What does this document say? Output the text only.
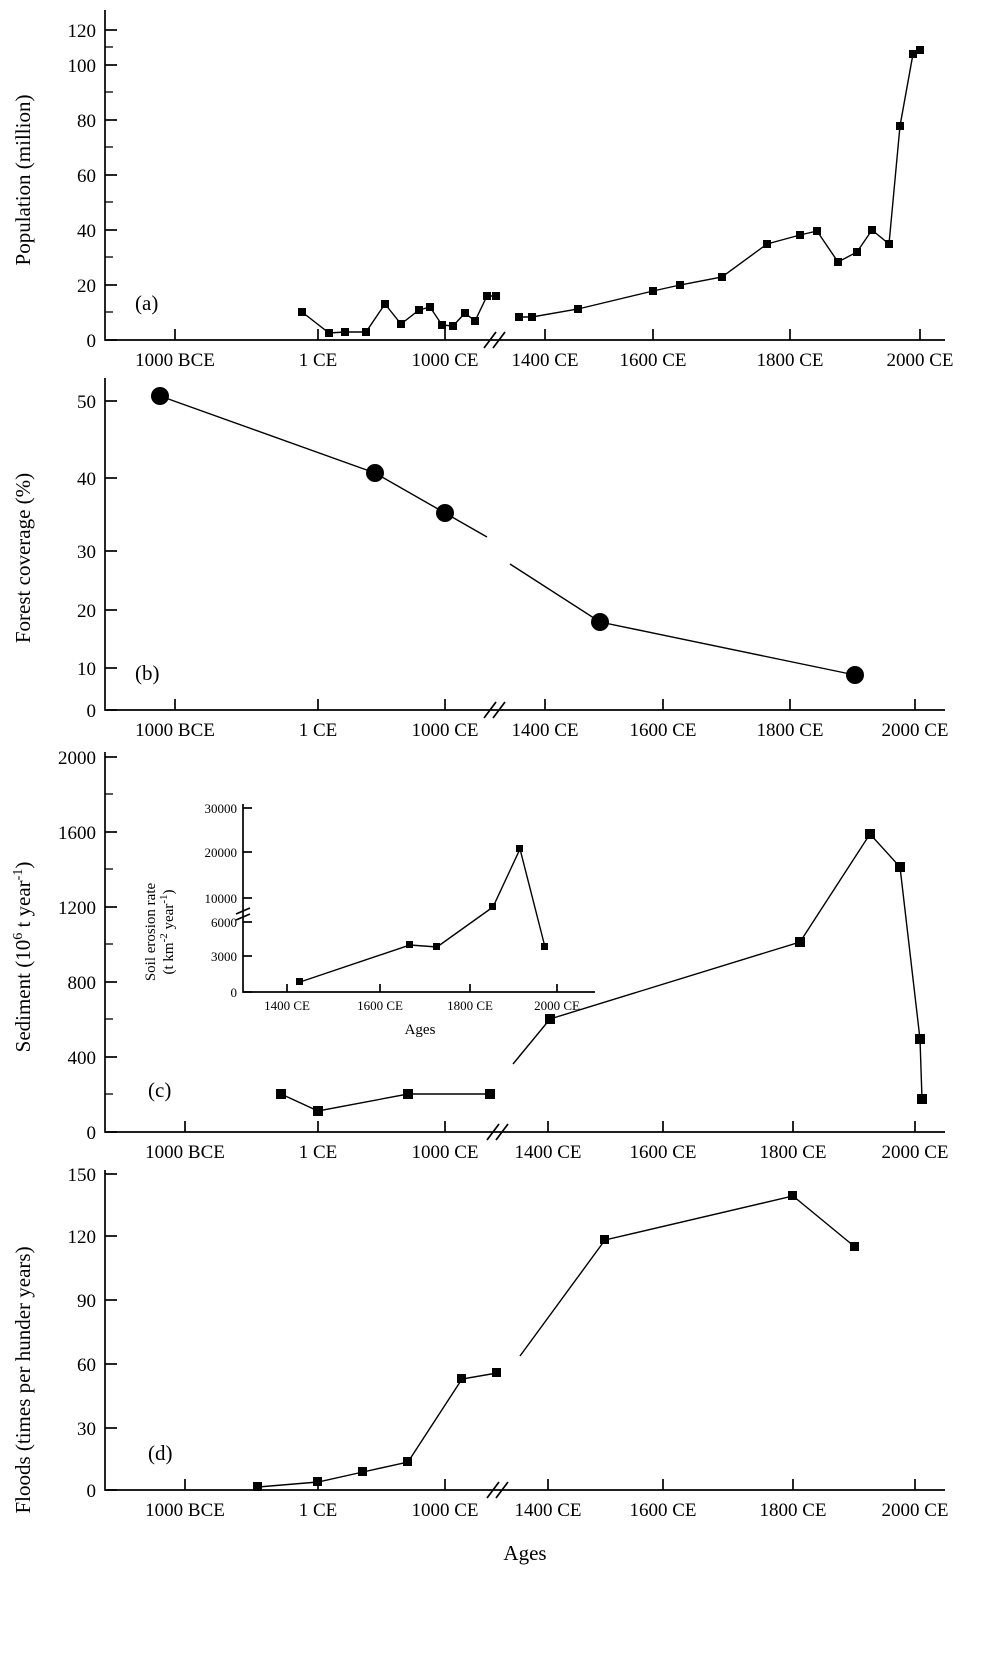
Population (million)
0
20
40
60
80
100
120
1000 BCE	1 CE	1000 CE 1400 CE 1600 CE	1800 CE	2000 CE
(a)
Forest coverage (%)
0
10
20
30
40
50
1000 BCE	1 CE	1000 CE 1400 CE	1600 CE	1800 CE	2000 CE
(b)
Sediment ($10^6$ t year$^{-1}$)
0
400
800
1200
1600
2000
1000 BCE	1 CE	1000 CE 1400 CE	1600 CE	1800 CE	2000 CE
(c)
Soil erosion rate (t $km^{-2}$ year$^{-1}$)
0
3000
6000
10000
20000
30000
1400 CE	1600 CE	1800 CE	2000 CE
Ages
Floods (times per hunder years)	0
30
60
90
120
150
1000 BCE	1 CE	1000 CE 1400 CE	1600 CE	1800 CE	2000 CE
(d)
Ages
